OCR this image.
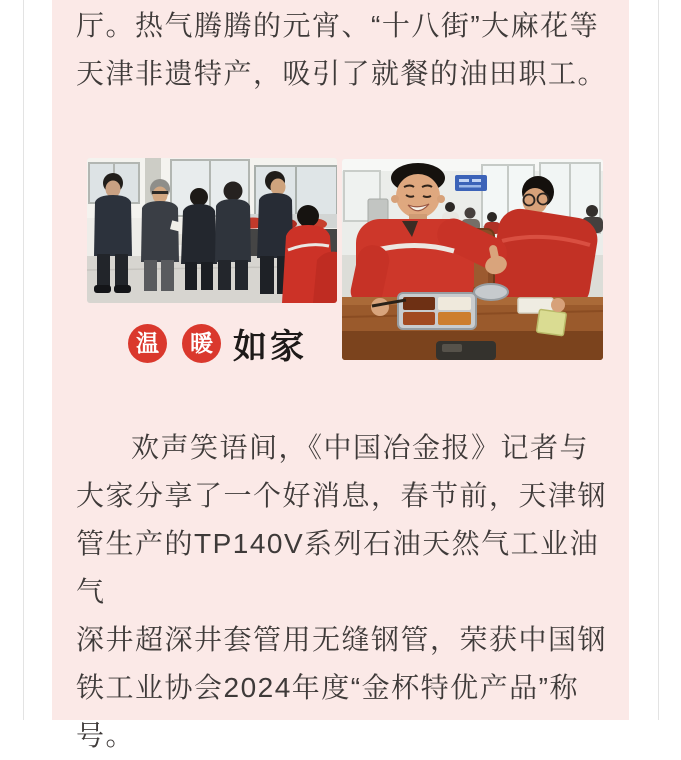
厅。热气腾腾的元宵、“十八街”大麻花等
天津非遗特产，吸引了就餐的油田职工。
温	暖 如家
欢声笑语间，《中国冶金报》记者与
大家分享了一个好消息，春节前，天津钢
管生产的TP140V系列石油天然气工业油气
深井超深井套管用无缝钢管，荣获中国钢
铁工业协会2024年度“金杯特优产品”称
号。
